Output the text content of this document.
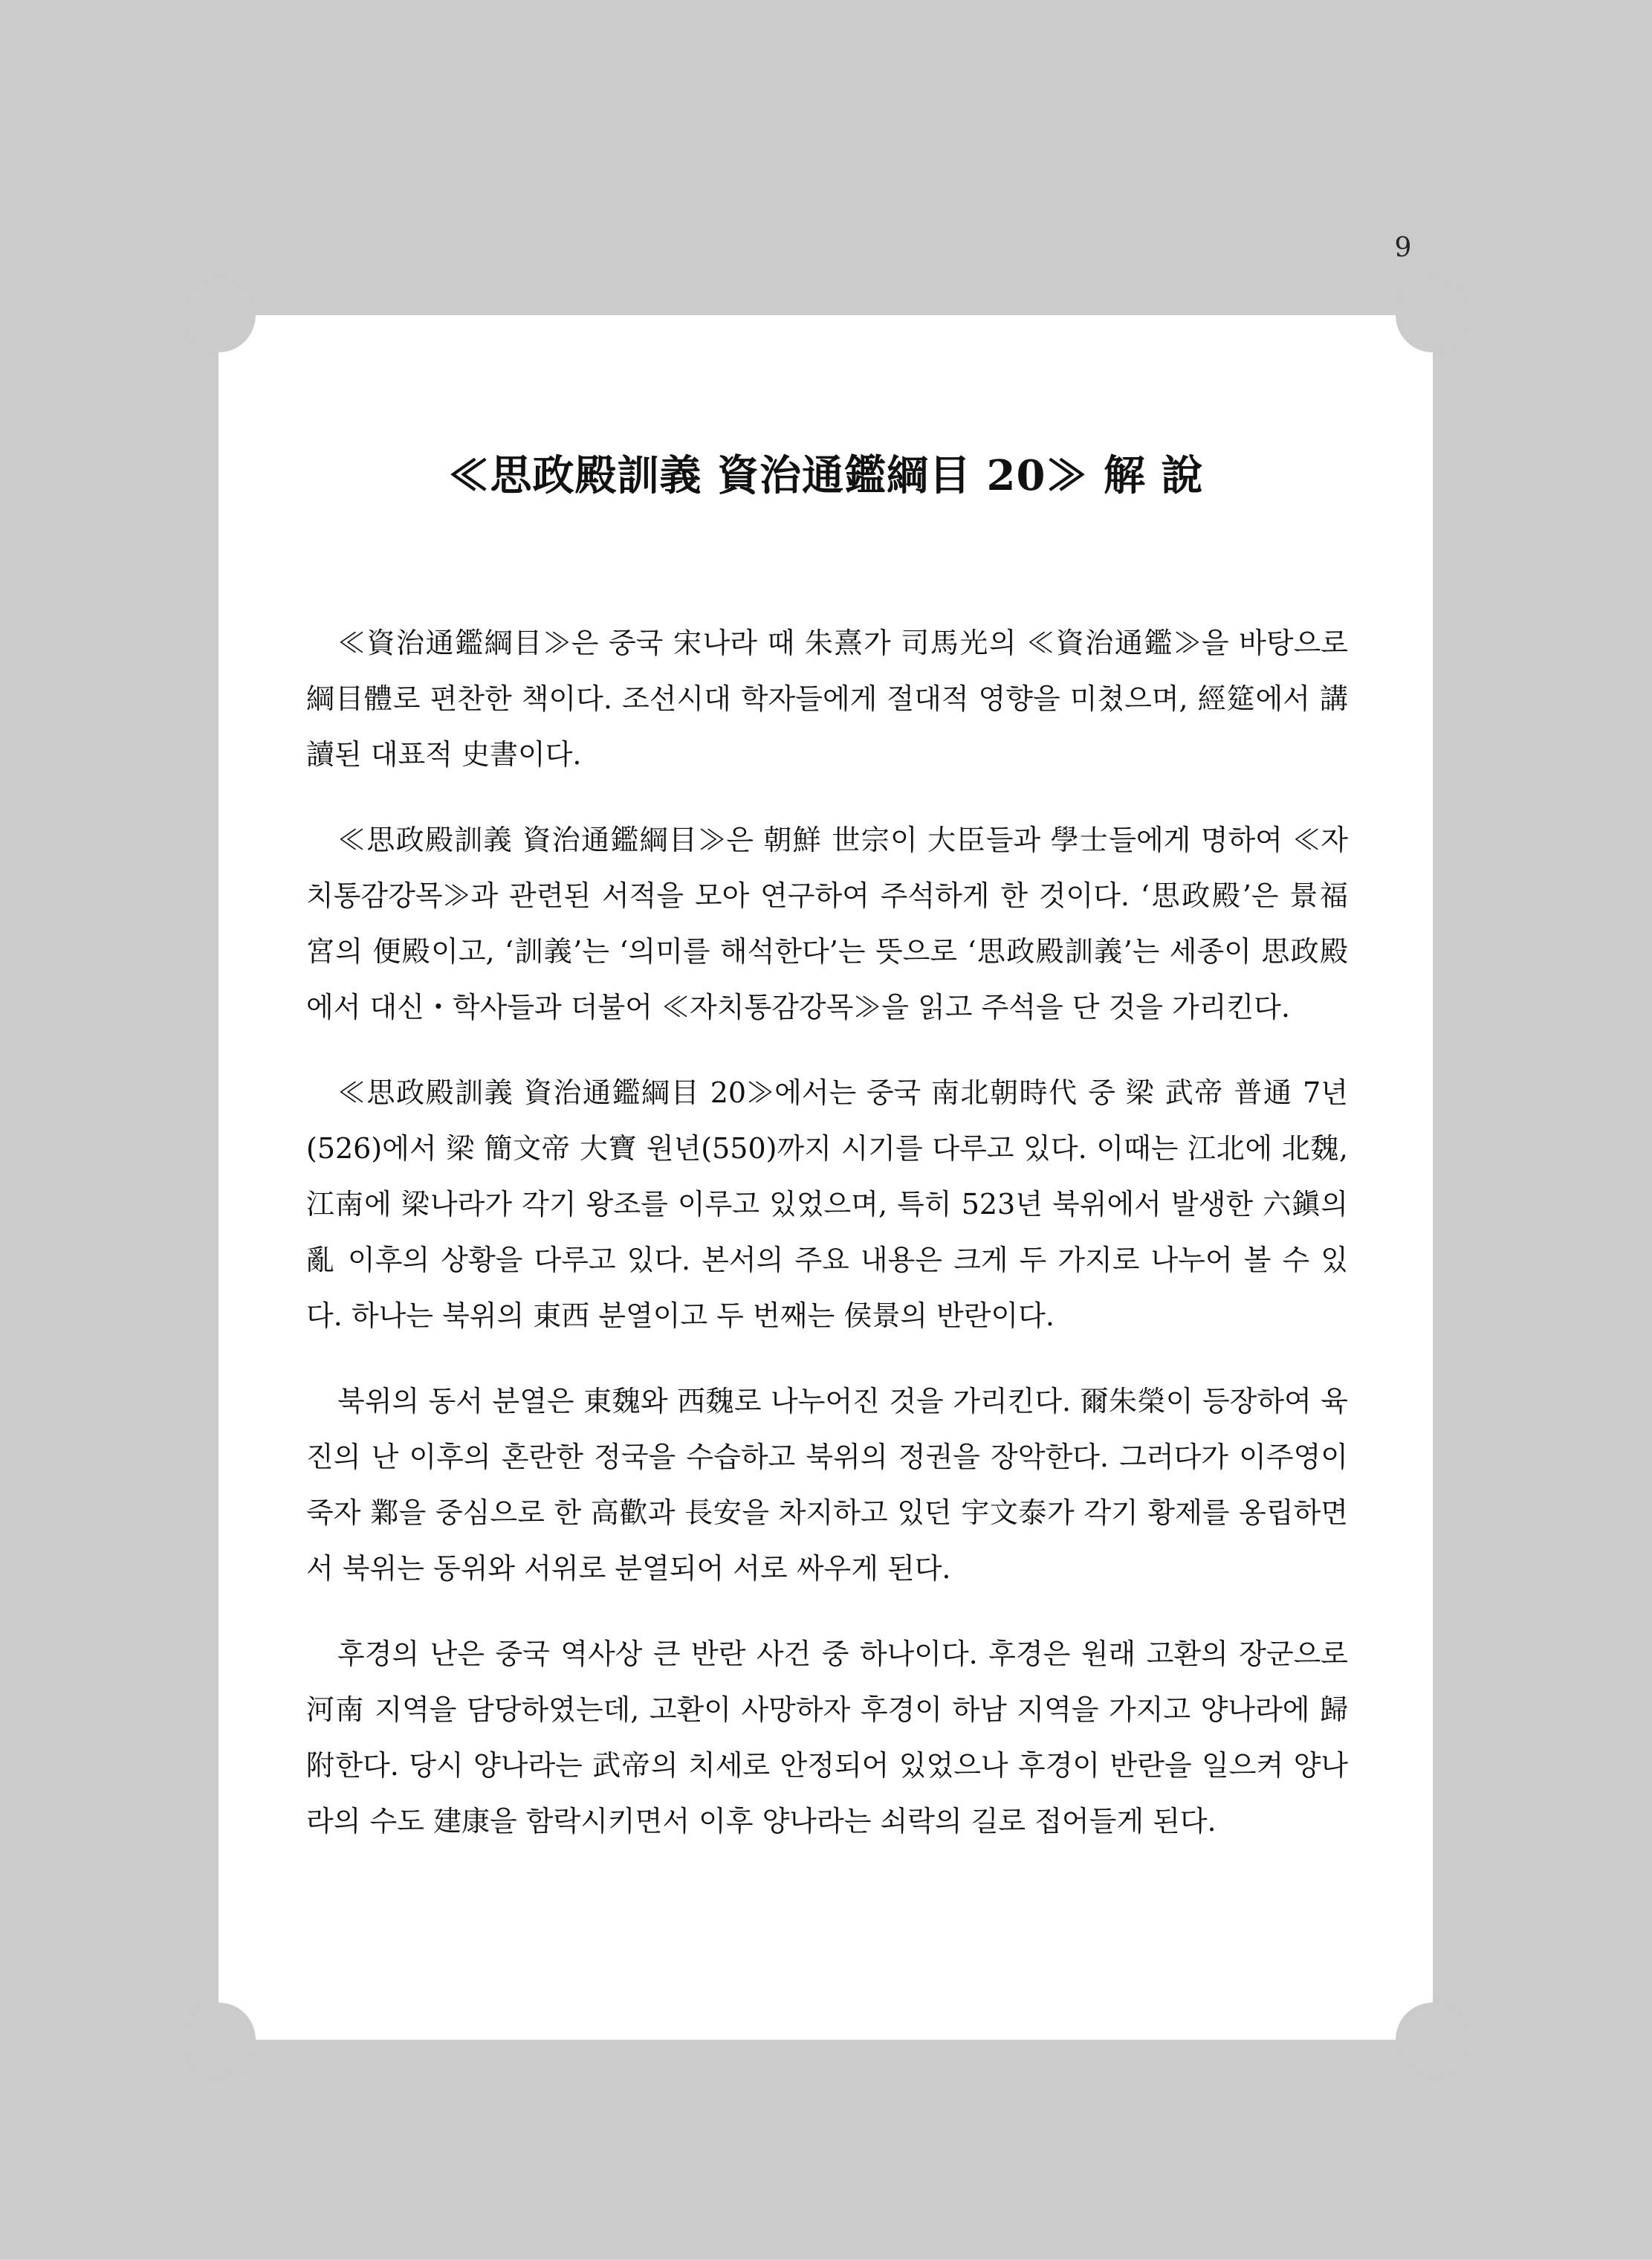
9
≪思政殿訓義 資治通鑑綱目 20≫ 解 說

≪資治通鑑綱目≫은 중국 宋나라 때 朱熹가 司馬光의 ≪資治通鑑≫을 바탕으로 綱目體로 편찬한 책이다. 조선시대 학자들에게 절대적 영향을 미쳤으며, 經筵에서 講讀된 대표적 史書이다.

≪思政殿訓義 資治通鑑綱目≫은 朝鮮 世宗이 大臣들과 學士들에게 명하여 ≪자치통감강목≫과 관련된 서적을 모아 연구하여 주석하게 한 것이다. ‘思政殿’은 景福宮의 便殿이고, ‘訓義’는 ‘의미를 해석한다’는 뜻으로 ‘思政殿訓義’는 세종이 思政殿에서 대신・학사들과 더불어 ≪자치통감강목≫을 읽고 주석을 단 것을 가리킨다.

≪思政殿訓義 資治通鑑綱目 20≫에서는 중국 南北朝時代 중 梁 武帝 普通 7년(526)에서 梁 簡文帝 大寶 원년(550)까지 시기를 다루고 있다. 이때는 江北에 北魏, 江南에 梁나라가 각기 왕조를 이루고 있었으며, 특히 523년 북위에서 발생한 六鎭의 亂 이후의 상황을 다루고 있다. 본서의 주요 내용은 크게 두 가지로 나누어 볼 수 있다. 하나는 북위의 東西 분열이고 두 번째는 侯景의 반란이다.

북위의 동서 분열은 東魏와 西魏로 나누어진 것을 가리킨다. 爾朱榮이 등장하여 육진의 난 이후의 혼란한 정국을 수습하고 북위의 정권을 장악한다. 그러다가 이주영이 죽자 鄴을 중심으로 한 高歡과 長安을 차지하고 있던 宇文泰가 각기 황제를 옹립하면서 북위는 동위와 서위로 분열되어 서로 싸우게 된다.

후경의 난은 중국 역사상 큰 반란 사건 중 하나이다. 후경은 원래 고환의 장군으로 河南 지역을 담당하였는데, 고환이 사망하자 후경이 하남 지역을 가지고 양나라에 歸附한다. 당시 양나라는 武帝의 치세로 안정되어 있었으나 후경이 반란을 일으켜 양나라의 수도 建康을 함락시키면서 이후 양나라는 쇠락의 길로 접어들게 된다.
